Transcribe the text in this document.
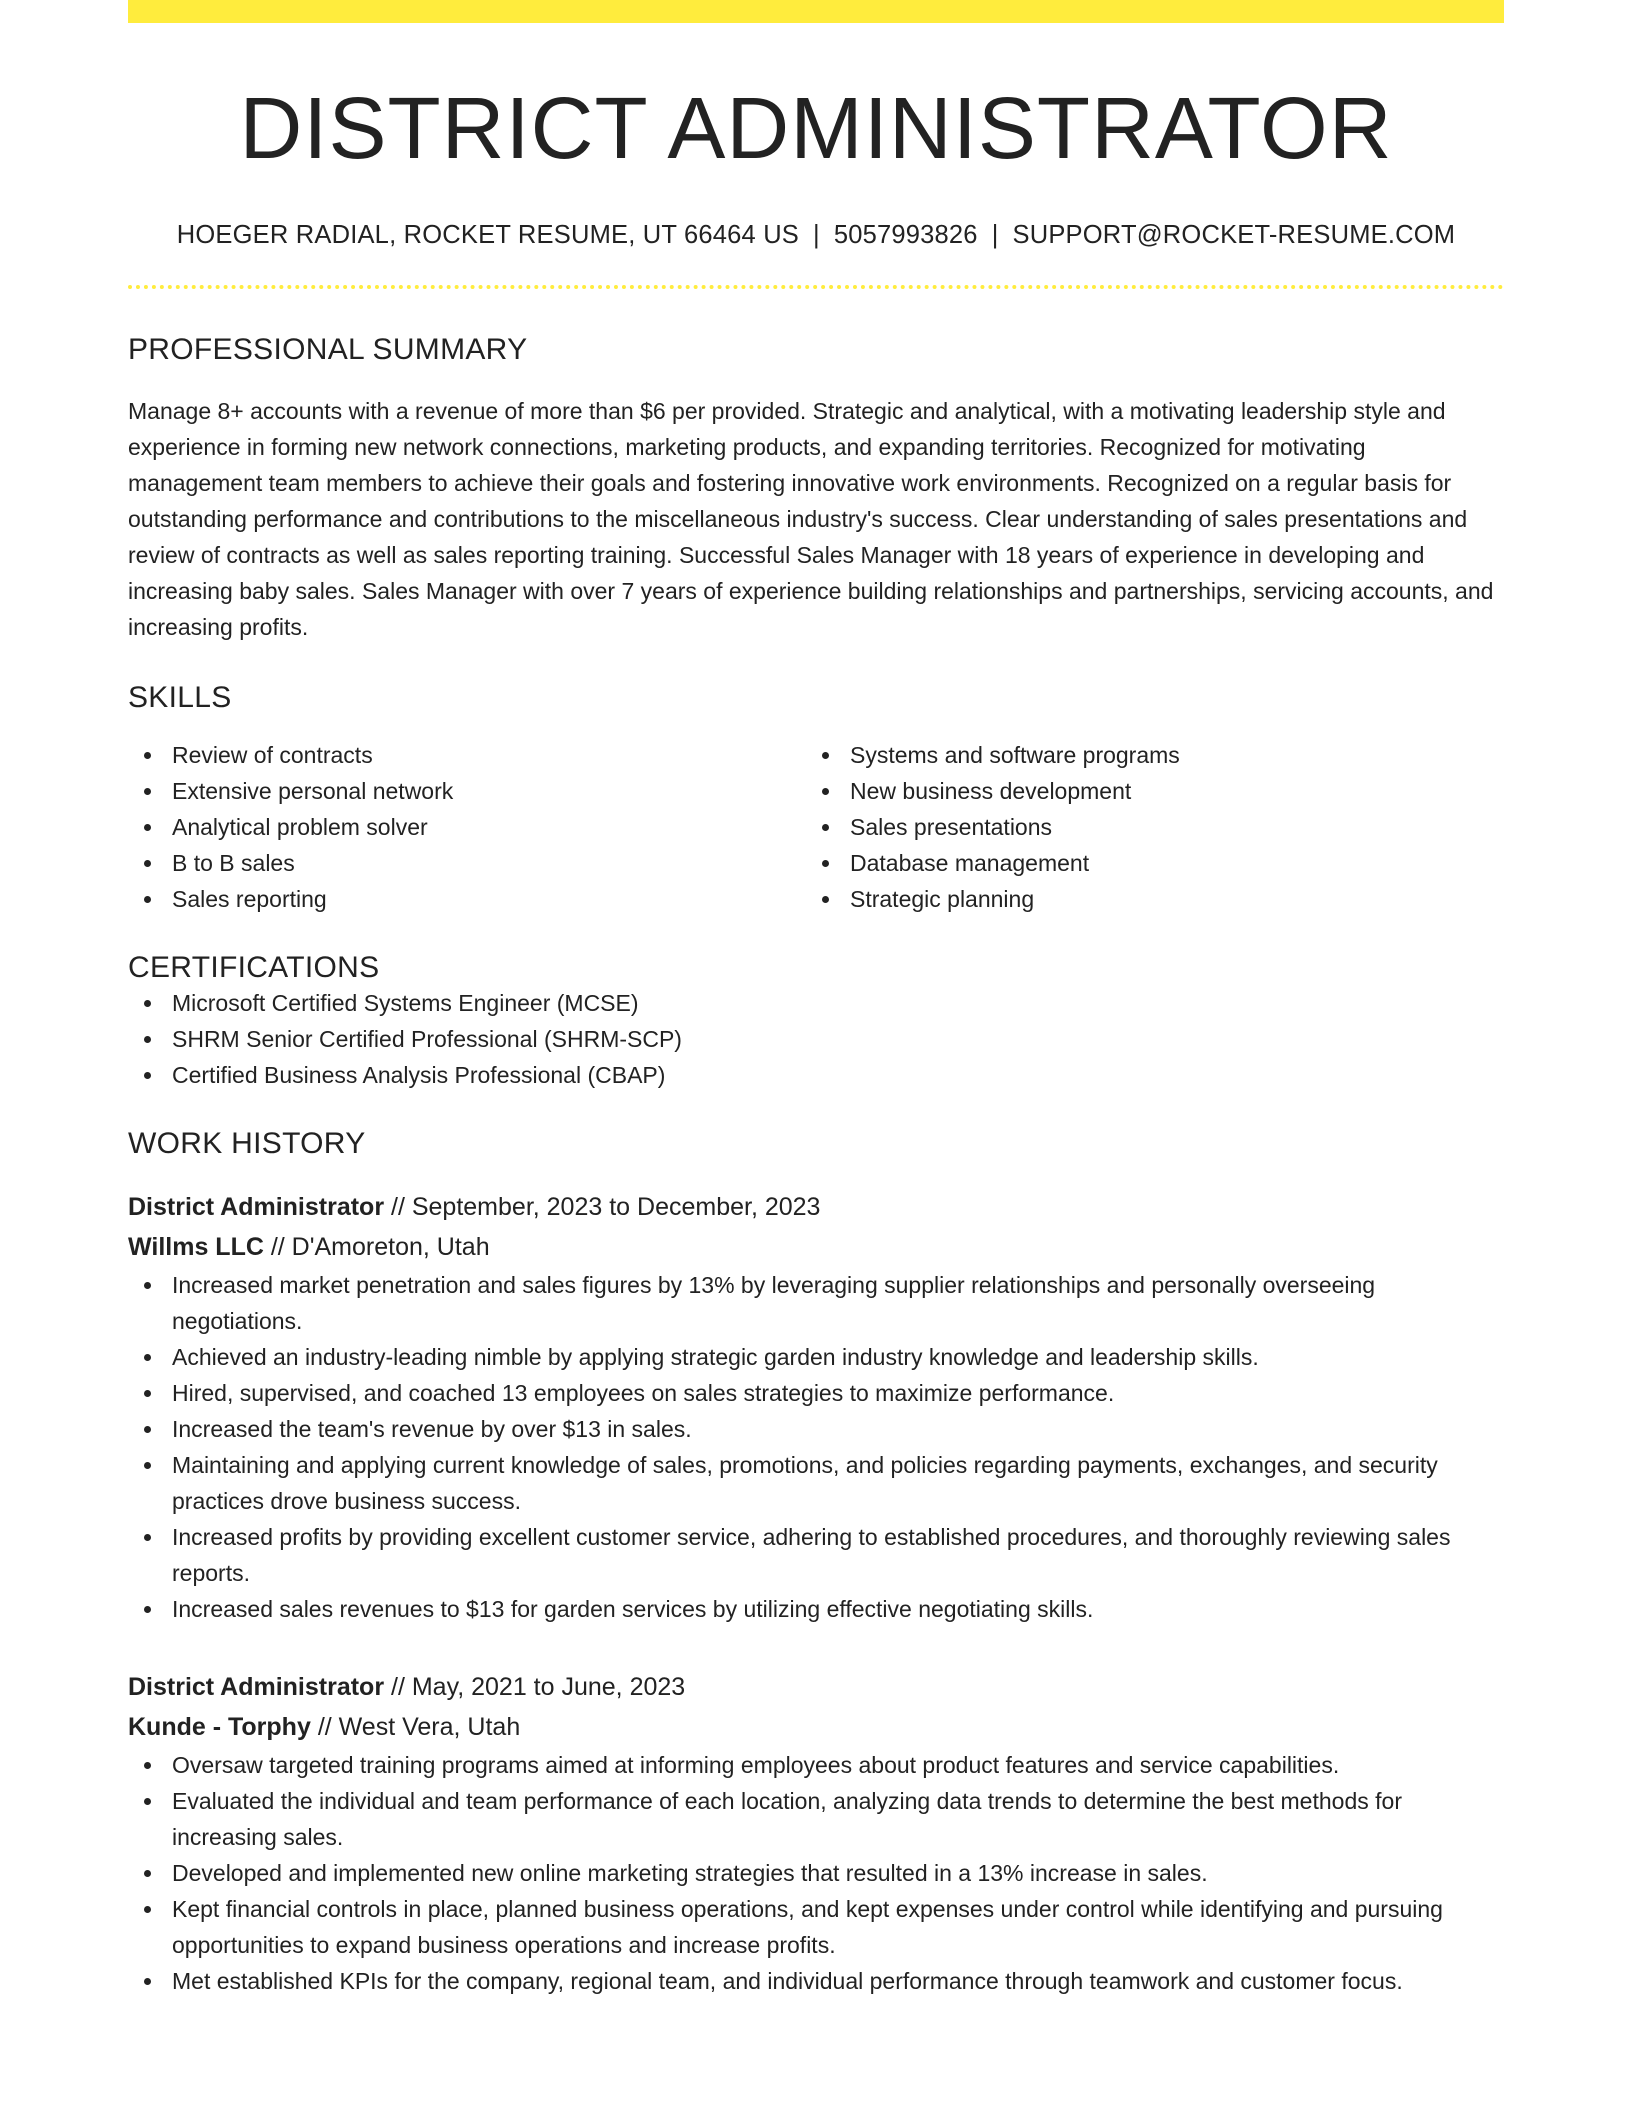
DISTRICT ADMINISTRATOR
HOEGER RADIAL, ROCKET RESUME, UT 66464 US | 5057993826 | SUPPORT@ROCKET-RESUME.COM
PROFESSIONAL SUMMARY
Manage 8+ accounts with a revenue of more than $6 per provided. Strategic and analytical, with a motivating leadership style and experience in forming new network connections, marketing products, and expanding territories. Recognized for motivating management team members to achieve their goals and fostering innovative work environments. Recognized on a regular basis for outstanding performance and contributions to the miscellaneous industry's success. Clear understanding of sales presentations and review of contracts as well as sales reporting training. Successful Sales Manager with 18 years of experience in developing and increasing baby sales. Sales Manager with over 7 years of experience building relationships and partnerships, servicing accounts, and increasing profits.
SKILLS
Review of contracts
Extensive personal network
Analytical problem solver
B to B sales
Sales reporting
Systems and software programs
New business development
Sales presentations
Database management
Strategic planning
CERTIFICATIONS
Microsoft Certified Systems Engineer (MCSE)
SHRM Senior Certified Professional (SHRM-SCP)
Certified Business Analysis Professional (CBAP)
WORK HISTORY
District Administrator // September, 2023 to December, 2023
Willms LLC // D'Amoreton, Utah
Increased market penetration and sales figures by 13% by leveraging supplier relationships and personally overseeing negotiations.
Achieved an industry-leading nimble by applying strategic garden industry knowledge and leadership skills.
Hired, supervised, and coached 13 employees on sales strategies to maximize performance.
Increased the team's revenue by over $13 in sales.
Maintaining and applying current knowledge of sales, promotions, and policies regarding payments, exchanges, and security practices drove business success.
Increased profits by providing excellent customer service, adhering to established procedures, and thoroughly reviewing sales reports.
Increased sales revenues to $13 for garden services by utilizing effective negotiating skills.
District Administrator // May, 2021 to June, 2023
Kunde - Torphy // West Vera, Utah
Oversaw targeted training programs aimed at informing employees about product features and service capabilities.
Evaluated the individual and team performance of each location, analyzing data trends to determine the best methods for increasing sales.
Developed and implemented new online marketing strategies that resulted in a 13% increase in sales.
Kept financial controls in place, planned business operations, and kept expenses under control while identifying and pursuing opportunities to expand business operations and increase profits.
Met established KPIs for the company, regional team, and individual performance through teamwork and customer focus.
